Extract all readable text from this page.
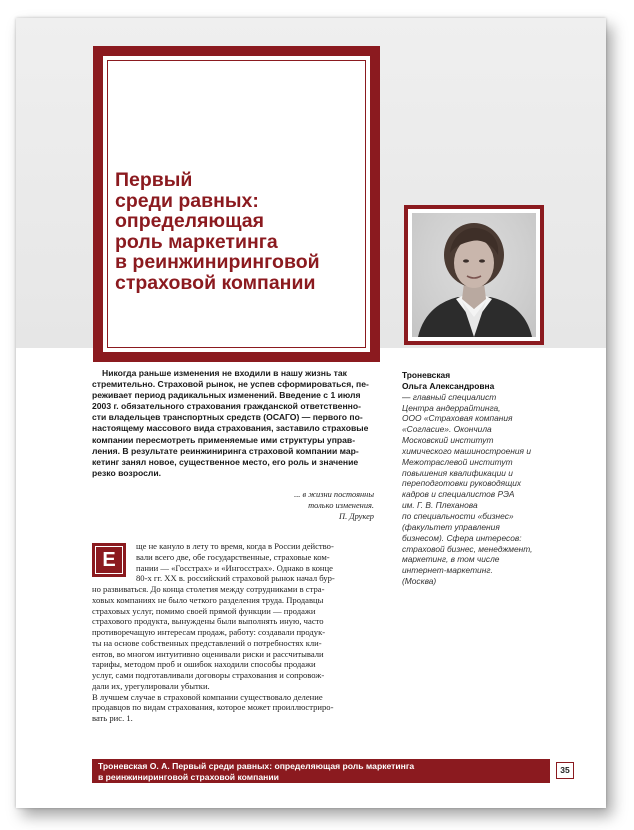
Первый
среди равных:
определяющая
роль маркетинга
в реинжиниринговой
страховой компании
Никогда раньше изменения не входили в нашу жизнь так
стремительно. Страховой рынок, не успев сформироваться, пе-
реживает период радикальных изменений. Введение с 1 июля
2003 г. обязательного страхования гражданской ответственно-
сти владельцев транспортных средств (ОСАГО) — первого по-
настоящему массового вида страхования, заставило страховые
компании пересмотреть применяемые ими структуры управ-
ления. В результате реинжиниринга страховой компании мар-
кетинг занял новое, существенное место, его роль и значение
резко возросли.
... в жизни постоянны
только изменения.
П. Друкер
Е
ще не кануло в лету то время, когда в России действо-
вали всего две, обе государственные, страховые ком-
пании — «Госстрах» и «Ингосстрах». Однако в конце
80-х гг. XX в. российский страховой рынок начал бур-
но развиваться. До конца столетия между сотрудниками в стра-
ховых компаниях не было четкого разделения труда. Продавцы
страховых услуг, помимо своей прямой функции — продажи
страхового продукта, вынуждены были выполнять иную, часто
противоречащую интересам продаж, работу: создавали продук-
ты на основе собственных представлений о потребностях кли-
ентов, во многом интуитивно оценивали риски и рассчитывали
тарифы, методом проб и ошибок находили способы продажи
услуг, сами подготавливали договоры страхования и сопровож-
дали их, урегулировали убытки.
В лучшем случае в страховой компании существовало деление
продавцов по видам страхования, которое может проиллюстриро-
вать рис. 1.
Троневская
Ольга Александровна
— главный специалист
Центра андеррайтинга,
ООО «Страховая компания
«Согласие». Окончила
Московский институт
химического машиностроения и
Межотраслевой институт
повышения квалификации и
переподготовки руководящих
кадров и специалистов РЭА
им. Г. В. Плеханова
по специальности «бизнес»
(факультет управления
бизнесом). Сфера интересов:
страховой бизнес, менеджмент,
маркетинг, в том числе
интернет-маркетинг.
(Москва)
Троневская О. А. Первый среди равных: определяющая роль маркетинга
в реинжиниринговой страховой компании
35
